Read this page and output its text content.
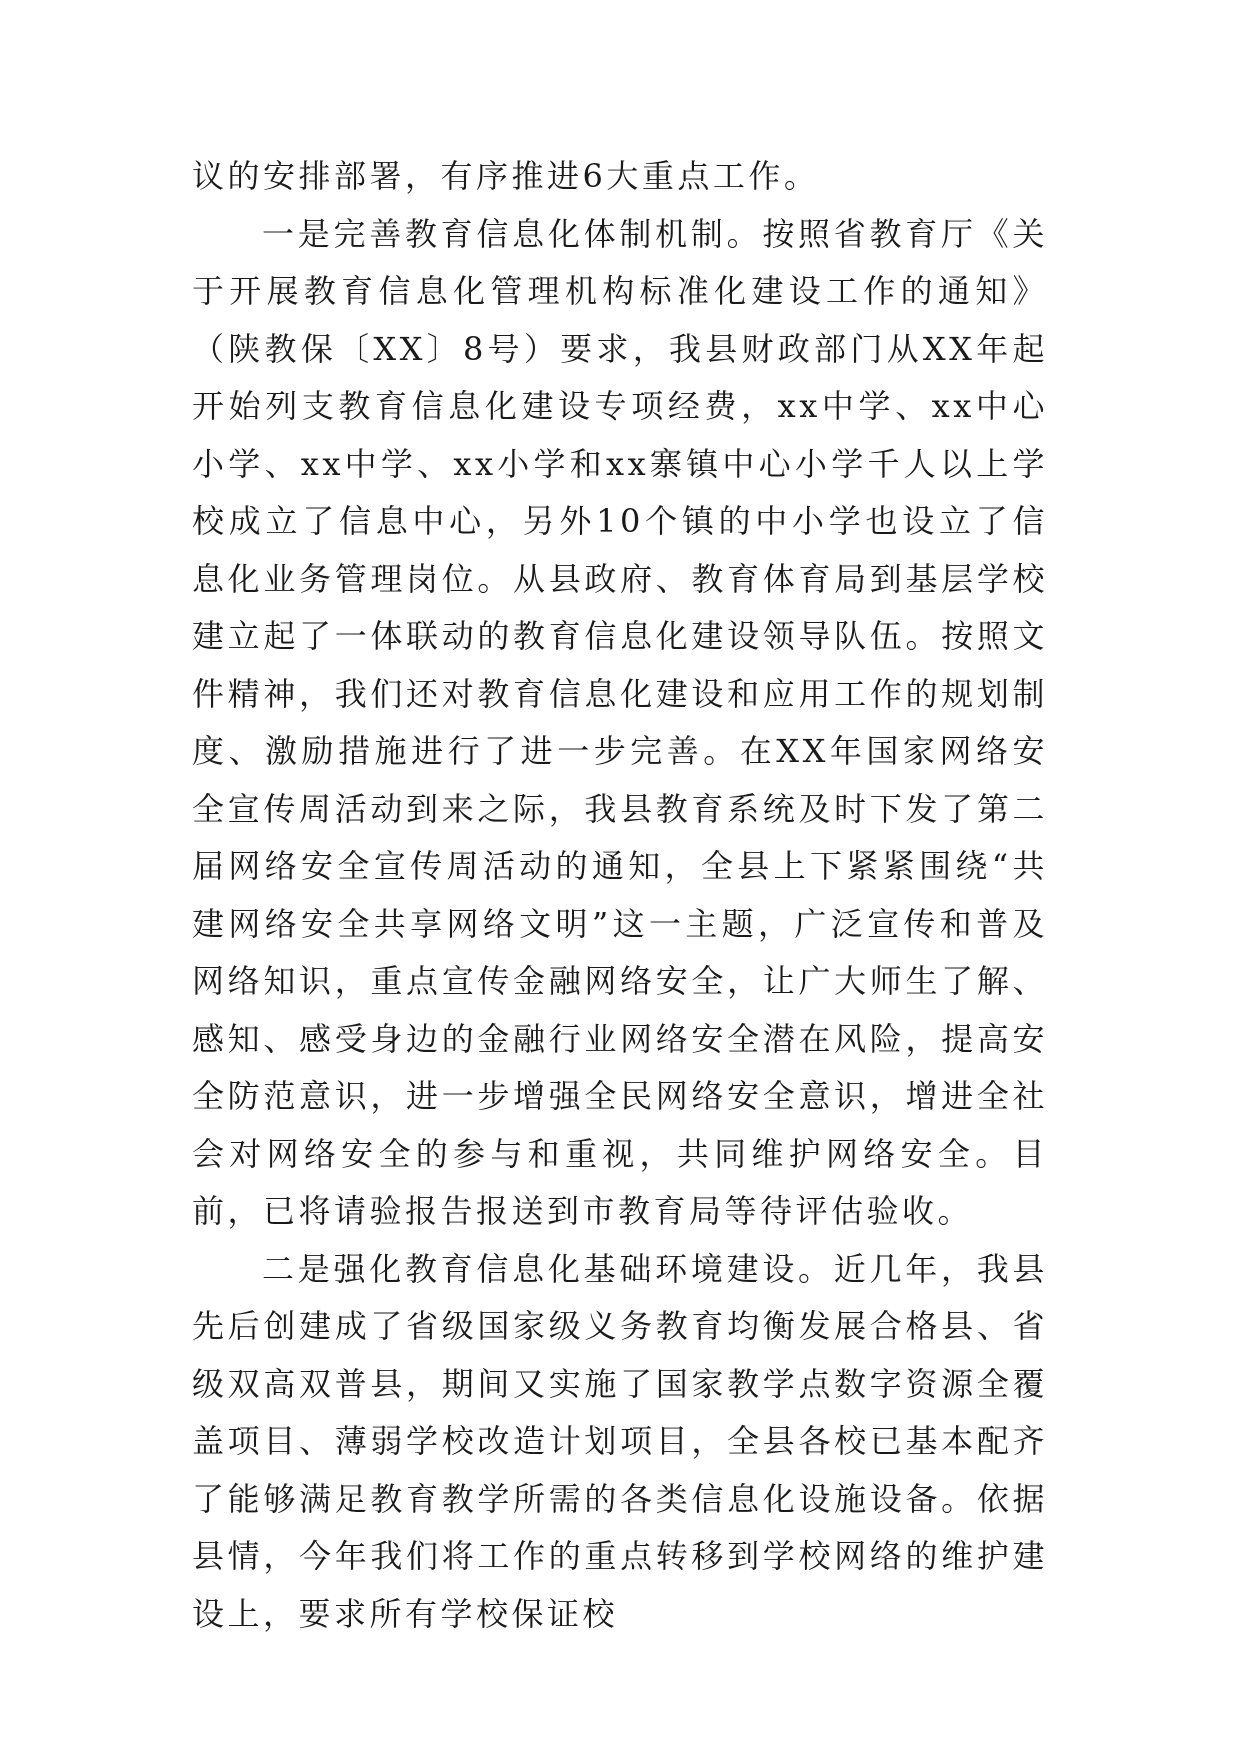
议的安排部署，有序推进6大重点工作。

一是完善教育信息化体制机制。按照省教育厅《关于开展教育信息化管理机构标准化建设工作的通知》（陕教保〔XX〕8号）要求，我县财政部门从XX年起开始列支教育信息化建设专项经费，xx中学、xx中心小学、xx中学、xx小学和xx寨镇中心小学千人以上学校成立了信息中心，另外10个镇的中小学也设立了信息化业务管理岗位。从县政府、教育体育局到基层学校建立起了一体联动的教育信息化建设领导队伍。按照文件精神，我们还对教育信息化建设和应用工作的规划制度、激励措施进行了进一步完善。在XX年国家网络安全宣传周活动到来之际，我县教育系统及时下发了第二届网络安全宣传周活动的通知，全县上下紧紧围绕“共建网络安全共享网络文明”这一主题，广泛宣传和普及网络知识，重点宣传金融网络安全，让广大师生了解、感知、感受身边的金融行业网络安全潜在风险，提高安全防范意识，进一步增强全民网络安全意识，增进全社会对网络安全的参与和重视，共同维护网络安全。目前，已将请验报告报送到市教育局等待评估验收。

二是强化教育信息化基础环境建设。近几年，我县先后创建成了省级国家级义务教育均衡发展合格县、省级双高双普县，期间又实施了国家教学点数字资源全覆盖项目、薄弱学校改造计划项目，全县各校已基本配齐了能够满足教育教学所需的各类信息化设施设备。依据县情，今年我们将工作的重点转移到学校网络的维护建设上，要求所有学校保证校
